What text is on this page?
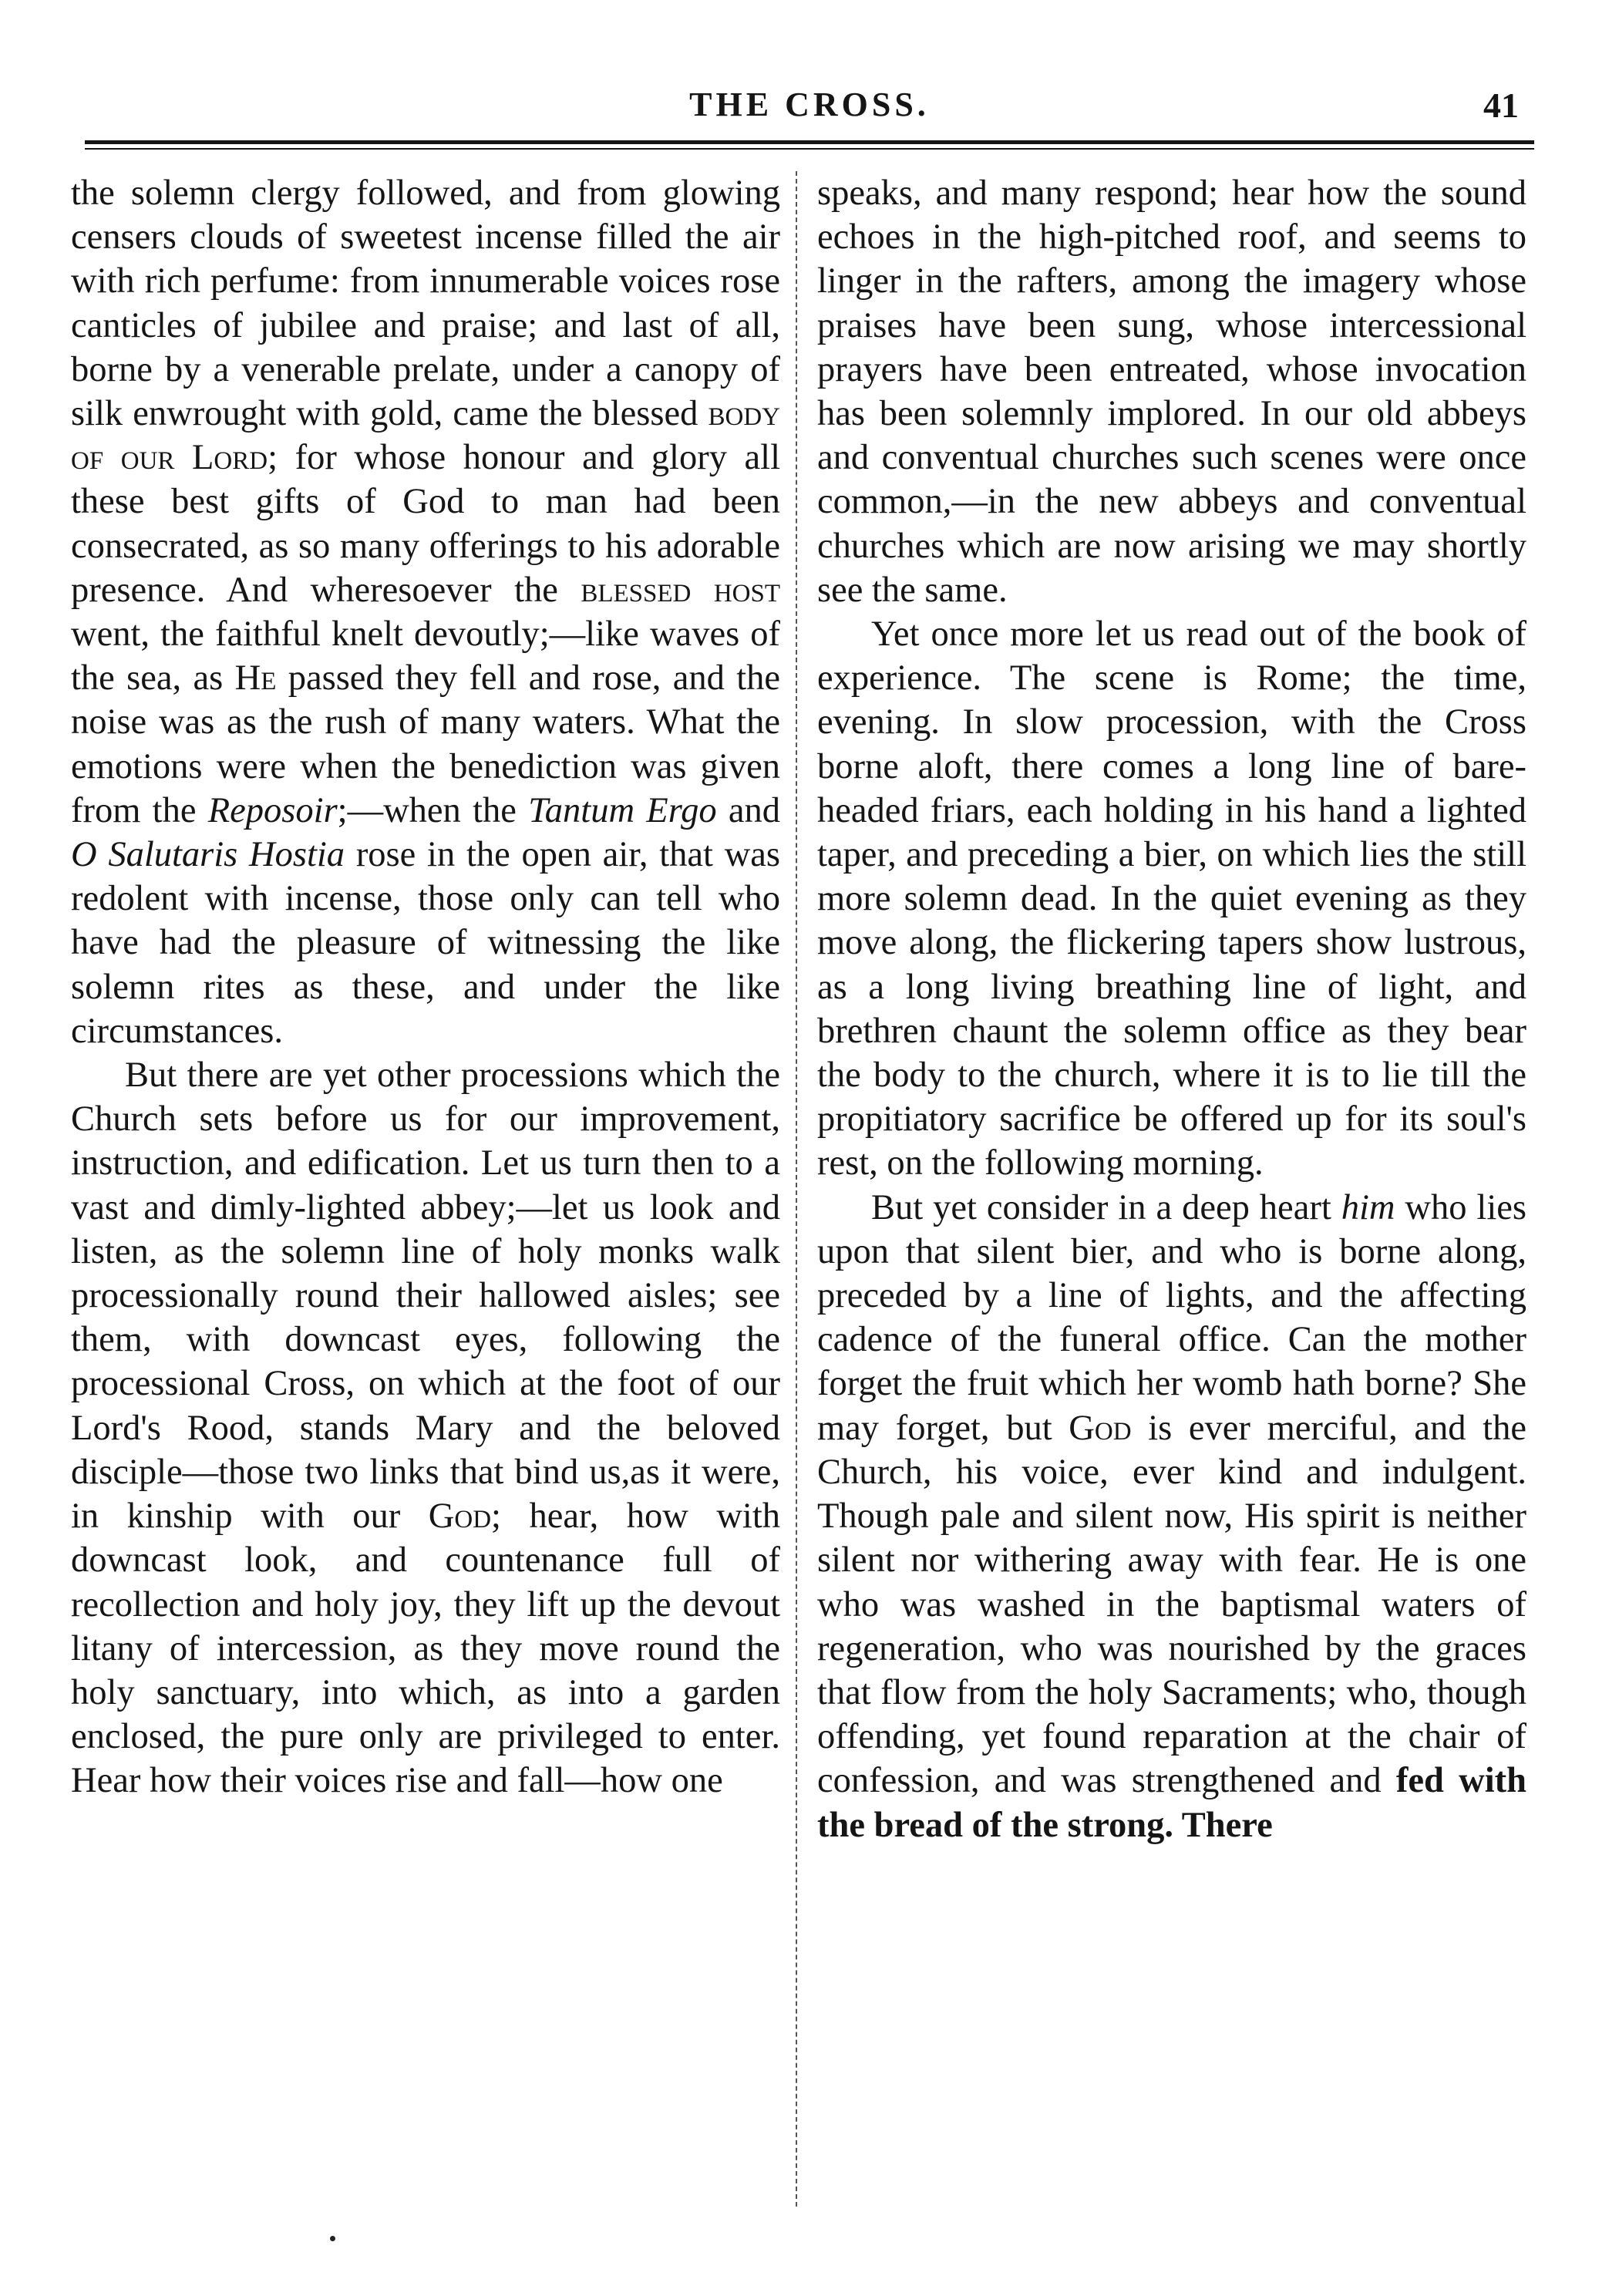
THE CROSS.	41

the solemn clergy followed, and from glowing censers clouds of sweetest incense filled the air with rich perfume: from innumerable voices rose canticles of jubilee and praise; and last of all, borne by a venerable prelate, under a canopy of silk enwrought with gold, came the blessed body of our Lord; for whose honour and glory all these best gifts of God to man had been consecrated, as so many offerings to his adorable presence. And wheresoever the blessed host went, the faithful knelt devoutly;—like waves of the sea, as He passed they fell and rose, and the noise was as the rush of many waters. What the emotions were when the benediction was given from the Reposoir;—when the Tantum Ergo and O Salutaris Hostia rose in the open air, that was redolent with incense, those only can tell who have had the pleasure of witnessing the like solemn rites as these, and under the like circumstances.

But there are yet other processions which the Church sets before us for our improvement, instruction, and edification. Let us turn then to a vast and dimly-lighted abbey;—let us look and listen, as the solemn line of holy monks walk processionally round their hallowed aisles; see them, with downcast eyes, following the processional Cross, on which at the foot of our Lord's Rood, stands Mary and the beloved disciple—those two links that bind us,as it were, in kinship with our God; hear, how with downcast look, and countenance full of recollection and holy joy, they lift up the devout litany of intercession, as they move round the holy sanctuary, into which, as into a garden enclosed, the pure only are privileged to enter. Hear how their voices rise and fall—how one

speaks, and many respond; hear how the sound echoes in the high-pitched roof, and seems to linger in the rafters, among the imagery whose praises have been sung, whose intercessional prayers have been entreated, whose invocation has been solemnly implored. In our old abbeys and conventual churches such scenes were once common,—in the new abbeys and conventual churches which are now arising we may shortly see the same.

Yet once more let us read out of the book of experience. The scene is Rome; the time, evening. In slow procession, with the Cross borne aloft, there comes a long line of bare-headed friars, each holding in his hand a lighted taper, and preceding a bier, on which lies the still more solemn dead. In the quiet evening as they move along, the flickering tapers show lustrous, as a long living breathing line of light, and brethren chaunt the solemn office as they bear the body to the church, where it is to lie till the propitiatory sacrifice be offered up for its soul's rest, on the following morning.

But yet consider in a deep heart him who lies upon that silent bier, and who is borne along, preceded by a line of lights, and the affecting cadence of the funeral office. Can the mother forget the fruit which her womb hath borne? She may forget, but God is ever merciful, and the Church, his voice, ever kind and indulgent. Though pale and silent now, His spirit is neither silent nor withering away with fear. He is one who was washed in the baptismal waters of regeneration, who was nourished by the graces that flow from the holy Sacraments; who, though offending, yet found reparation at the chair of confession, and was strengthened and fed with the bread of the strong. There
